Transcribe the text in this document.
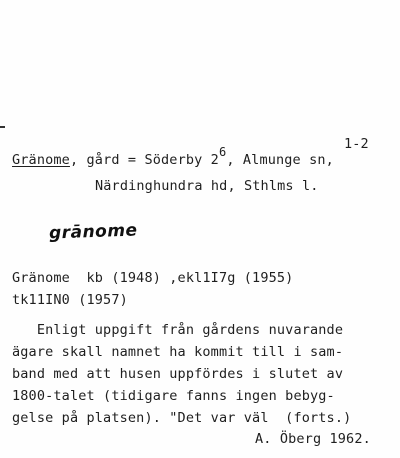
1-2
Gränome, gård = Söderby 26, Almunge sn,
Närdinghundra hd, Sthlms l.
grānome
Gränome  kb (1948) ,ekl1I7g (1955)
tk11IN0 (1957)
Enligt uppgift från gårdens nuvarande
ägare skall namnet ha kommit till i sam-
band med att husen uppfördes i slutet av
1800-talet (tidigare fanns ingen bebyg-
gelse på platsen). "Det var väl  (forts.)
A. Öberg 1962.
